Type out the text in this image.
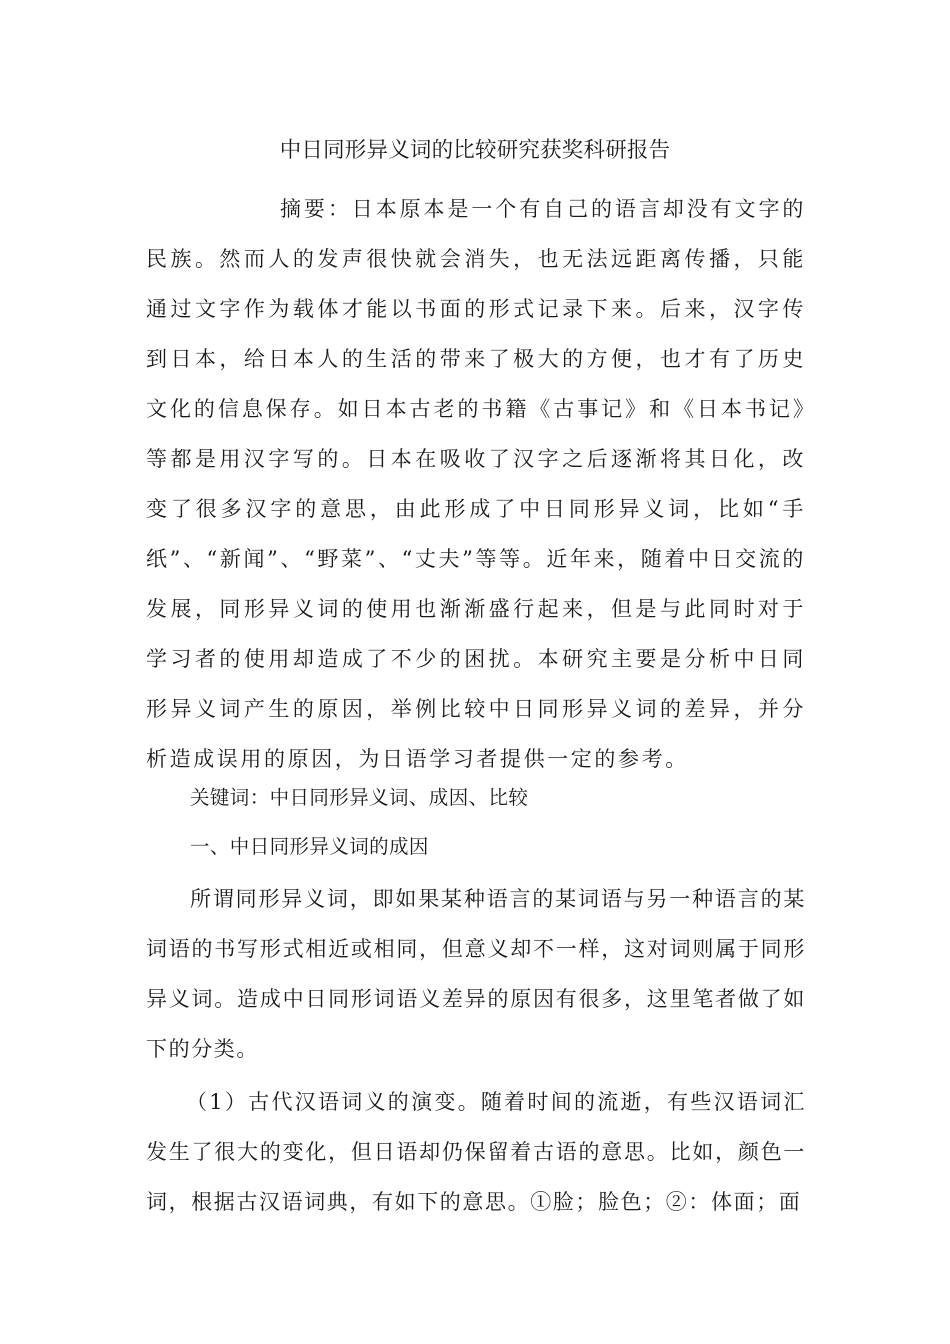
中日同形异义词的比较研究获奖科研报告

摘要：日本原本是一个有自己的语言却没有文字的民族。然而人的发声很快就会消失，也无法远距离传播，只能通过文字作为载体才能以书面的形式记录下来。后来，汉字传到日本，给日本人的生活的带来了极大的方便，也才有了历史文化的信息保存。如日本古老的书籍《古事记》和《日本书记》等都是用汉字写的。日本在吸收了汉字之后逐渐将其日化，改变了很多汉字的意思，由此形成了中日同形异义词，比如“手纸”、“新闻”、“野菜”、“丈夫”等等。近年来，随着中日交流的发展，同形异义词的使用也渐渐盛行起来，但是与此同时对于学习者的使用却造成了不少的困扰。本研究主要是分析中日同形异义词产生的原因，举例比较中日同形异义词的差异，并分析造成误用的原因，为日语学习者提供一定的参考。

关键词：中日同形异义词、成因、比较

一、中日同形异义词的成因

所谓同形异义词，即如果某种语言的某词语与另一种语言的某词语的书写形式相近或相同，但意义却不一样，这对词则属于同形异义词。造成中日同形词语义差异的原因有很多，这里笔者做了如下的分类。

（1）古代汉语词义的演变。随着时间的流逝，有些汉语词汇发生了很大的变化，但日语却仍保留着古语的意思。比如，颜色一词，根据古汉语词典，有如下的意思。①脸；脸色；②：体面；面
